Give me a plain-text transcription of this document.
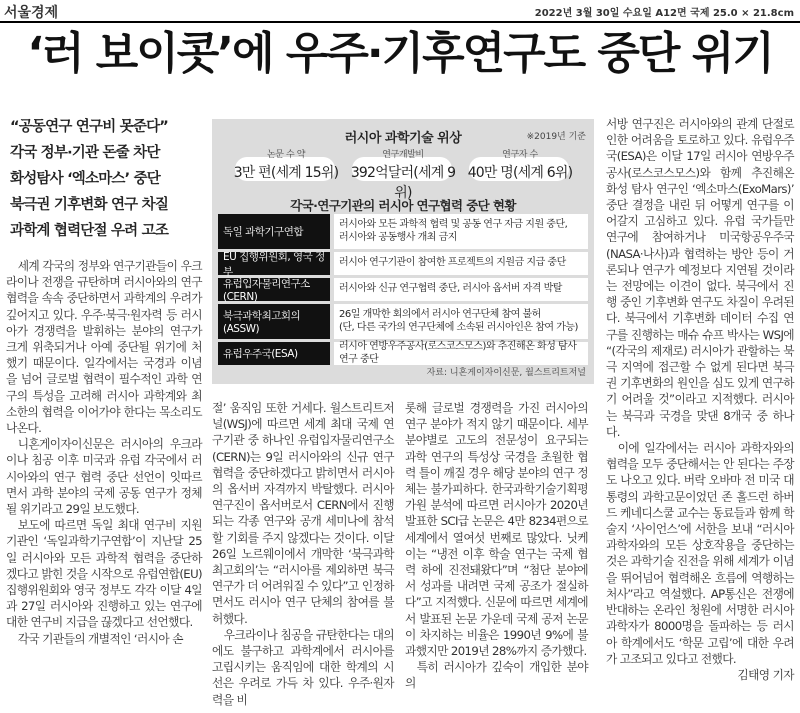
서울경제	2022년 3월 30일 수요일 A12면 국제 25.0 × 21.8cm
‘러 보이콧’에 우주·기후연구도 중단 위기
“공동연구 연구비 못준다”
각국 정부·기관 돈줄 차단
화성탐사 ‘엑소마스’ 중단
북극권 기후변화 연구 차질
과학계 협력단절 우려 고조
러시아 과학기술 위상	※2019년 기준
논문 수 약
3만 편(세계 15위)
연구개발비
392억달러(세계 9위)
연구자 수
40만 명(세계 6위)
각국·연구기관의 러시아 연구협력 중단 현황
독일 과학기구연합
러시아와 모든 과학적 협력 및 공동 연구 자금 지원 중단,
러시아와 공동행사 개최 금지
EU 집행위원회, 영국 정부
러시아 연구기관이 참여한 프로젝트의 지원금 지급 중단
유럽입자물리연구소(CERN)
러시아와 신규 연구협력 중단, 러시아 옵서버 자격 박탈
북극과학최고회의(ASSW)
26일 개막한 회의에서 러시아 연구단체 참여 불허
(단, 다른 국가의 연구단체에 소속된 러시아인은 참여 가능)
유럽우주국(ESA)
러시아 연방우주공사(로스코스모스)와 추진해온 화성 탐사 연구 중단
자료: 니혼게이자이신문, 월스트리트저널

세계 각국의 정부와 연구기관들이 우크라이나 전쟁을 규탄하며 러시아와의 연구 협력을 속속 중단하면서 과학계의 우려가 깊어지고 있다. 우주·북극·원자력 등 러시아가 경쟁력을 발휘하는 분야의 연구가 크게 위축되거나 아예 중단될 위기에 처했기 때문이다. 일각에서는 국경과 이념을 넘어 글로벌 협력이 필수적인 과학 연구의 특성을 고려해 러시아 과학계와 최소한의 협력을 이어가야 한다는 목소리도 나온다.

니혼게이자이신문은 러시아의 우크라이나 침공 이후 미국과 유럽 각국에서 러시아와의 연구 협력 중단 선언이 잇따르면서 과학 분야의 국제 공동 연구가 정체될 위기라고 29일 보도했다.

보도에 따르면 독일 최대 연구비 지원 기관인 ‘독일과학기구연합’이 지난달 25일 러시아와 모든 과학적 협력을 중단하겠다고 밝힌 것을 시작으로 유럽연합(EU) 집행위원회와 영국 정부도 각각 이달 4일과 27일 러시아와 진행하고 있는 연구에 대한 연구비 지급을 끊겠다고 선언했다.

각국 기관들의 개별적인 ‘러시아 손

절’ 움직임 또한 거세다. 월스트리트저널(WSJ)에 따르면 세계 최대 국제 연구기관 중 하나인 유럽입자물리연구소(CERN)는 9일 러시아와의 신규 연구 협력을 중단하겠다고 밝히면서 러시아의 옵서버 자격까지 박탈했다. 러시아 연구진이 옵서버로서 CERN에서 진행되는 각종 연구와 공개 세미나에 참석할 기회를 주지 않겠다는 것이다. 이달 26일 노르웨이에서 개막한 ‘북극과학최고회의’는 “러시아를 제외하면 북극 연구가 더 어려워질 수 있다”고 인정하면서도 러시아 연구 단체의 참여를 불허했다.

우크라이나 침공을 규탄한다는 대의에도 불구하고 과학계에서 러시아를 고립시키는 움직임에 대한 학계의 시선은 우려로 가득 차 있다. 우주·원자력을 비

롯해 글로벌 경쟁력을 가진 러시아의 연구 분야가 적지 않기 때문이다. 세부 분야별로 고도의 전문성이 요구되는 과학 연구의 특성상 국경을 초월한 협력 틀이 깨질 경우 해당 분야의 연구 정체는 불가피하다. 한국과학기술기획평가원 분석에 따르면 러시아가 2020년 발표한 SCI급 논문은 4만 8234편으로 세계에서 열여섯 번째로 많았다. 닛케이는 “냉전 이후 학술 연구는 국제 협력 하에 진전돼왔다”며 “첨단 분야에서 성과를 내려면 국제 공조가 절실하다”고 지적했다. 신문에 따르면 세계에서 발표된 논문 가운데 국제 공저 논문이 차지하는 비율은 1990년 9%에 불과했지만 2019년 28%까지 증가했다.

특히 러시아가 깊숙이 개입한 분야의

서방 연구진은 러시아와의 관계 단절로 인한 어려움을 토로하고 있다. 유럽우주국(ESA)은 이달 17일 러시아 연방우주공사(로스코스모스)와 함께 추진해온 화성 탐사 연구인 ‘엑소마스(ExoMars)’ 중단 결정을 내린 뒤 어떻게 연구를 이어갈지 고심하고 있다. 유럽 국가들만 연구에 참여하거나 미국항공우주국(NASA·나사)과 협력하는 방안 등이 거론되나 연구가 예정보다 지연될 것이라는 전망에는 이견이 없다. 북극에서 진행 중인 기후변화 연구도 차질이 우려된다. 북극에서 기후변화 데이터 수집 연구를 진행하는 매슈 슈프 박사는 WSJ에 “(각국의 제재로) 러시아가 관할하는 북극 지역에 접근할 수 없게 된다면 북극권 기후변화의 원인을 심도 있게 연구하기 어려울 것”이라고 지적했다. 러시아는 북극과 국경을 맞댄 8개국 중 하나다.

이에 일각에서는 러시아 과학자와의 협력을 모두 중단해서는 안 된다는 주장도 나오고 있다. 버락 오바마 전 미국 대통령의 과학고문이었던 존 홀드런 하버드 케네디스쿨 교수는 동료들과 함께 학술지 ‘사이언스’에 서한을 보내 “러시아 과학자와의 모든 상호작용을 중단하는 것은 과학기술 진전을 위해 세계가 이념을 뛰어넘어 협력해온 흐름에 역행하는 처사”라고 역설했다. AP통신은 전쟁에 반대하는 온라인 청원에 서명한 러시아 과학자가 8000명을 돌파하는 등 러시아 학계에서도 ‘학문 고립’에 대한 우려가 고조되고 있다고 전했다.

김태영 기자
